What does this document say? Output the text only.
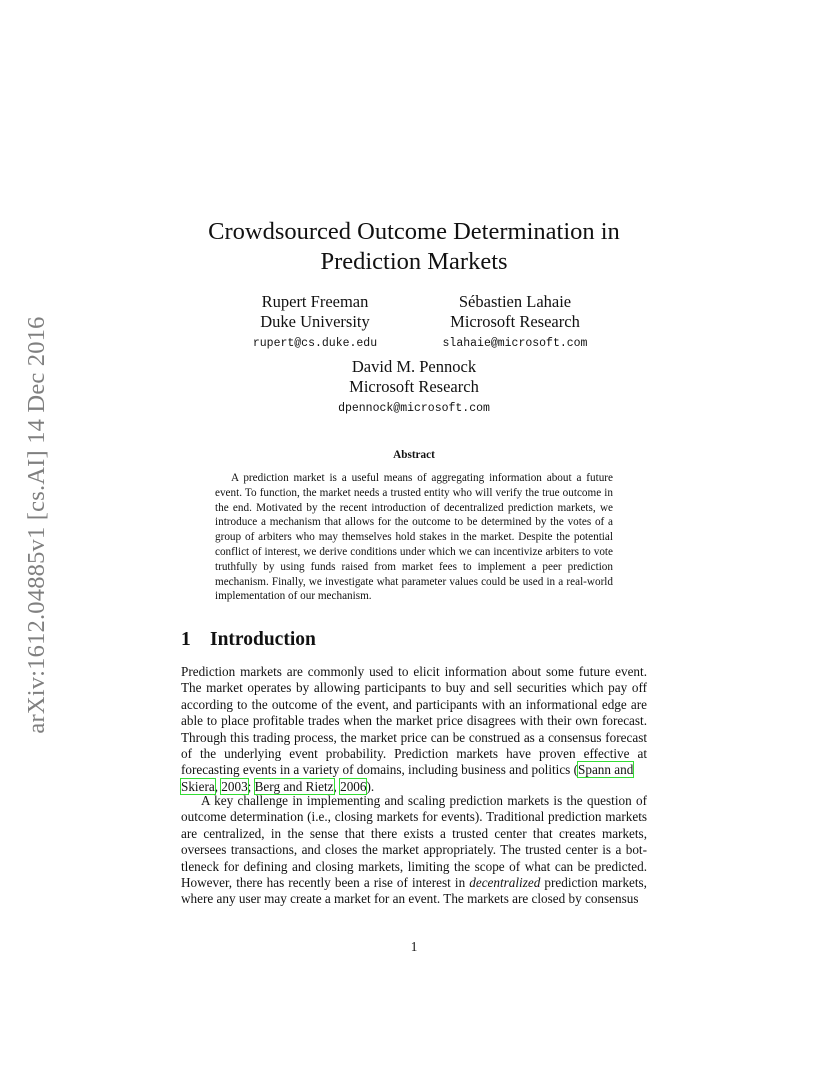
arXiv:1612.04885v1 [cs.AI] 14 Dec 2016
Crowdsourced Outcome Determination in
Prediction Markets
Rupert Freeman
Duke University
rupert@cs.duke.edu
Sébastien Lahaie
Microsoft Research
slahaie@microsoft.com
David M. Pennock
Microsoft Research
dpennock@microsoft.com
Abstract
A prediction market is a useful means of aggregating information about a future event. To function, the market needs a trusted entity who will verify the true outcome in the end. Motivated by the recent introduction of decentralized prediction markets, we introduce a mechanism that allows for the outcome to be determined by the votes of a group of arbiters who may themselves hold stakes in the market. Despite the potential conflict of interest, we derive conditions under which we can incentivize arbiters to vote truthfully by using funds raised from market fees to implement a peer prediction mechanism. Finally, we investigate what parameter values could be used in a real-world implementation of our mechanism.
1 Introduction
Prediction markets are commonly used to elicit information about some future event. The market operates by allowing participants to buy and sell securities which pay off according to the outcome of the event, and participants with an informational edge are able to place profitable trades when the market price disagrees with their own forecast. Through this trading process, the market price can be construed as a consensus forecast of the underlying event probability. Prediction markets have proven effective at forecasting events in a variety of domains, including business and politics (Spann and
Skiera, 2003; Berg and Rietz, 2006).
A key challenge in implementing and scaling prediction markets is the question of outcome determination (i.e., closing markets for events). Traditional prediction markets are centralized, in the sense that there exists a trusted center that creates markets, oversees transactions, and closes the market appropriately. The trusted center is a bottleneck for defining and closing markets, limiting the scope of what can be predicted. However, there has recently been a rise of interest in decentralized prediction markets, where any user may create a market for an event. The markets are closed by consensus
1
